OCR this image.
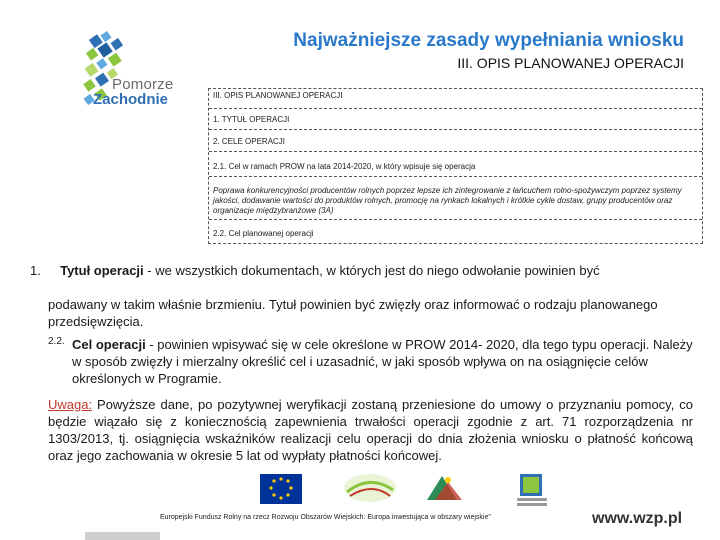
Pomorze
Zachodnie
Najważniejsze zasady wypełniania wniosku
III. OPIS PLANOWANEJ OPERACJI
III. OPIS PLANOWANEJ OPERACJI
1. TYTUŁ OPERACJI
2. CELE OPERACJI
2.1. Cel w ramach PROW na lata 2014-2020, w który wpisuje się operacja
Poprawa konkurencyjności producentów rolnych poprzez lepsze ich zintegrowanie z łańcuchem rolno-spożywczym poprzez systemy jakości, dodawanie wartości do produktów rolnych, promocję na rynkach lokalnych i krótkie cykle dostaw, grupy producentów oraz organizacje międzybranżowe (3A)
2.2. Cel planowanej operacji
1. Tytuł operacji - we wszystkich dokumentach, w których jest do niego odwołanie powinien być
podawany w takim właśnie brzmieniu. Tytuł powinien być zwięzły oraz informować o rodzaju planowanego przedsięwzięcia.
2.2. Cel operacji - powinien wpisywać się w cele określone w PROW 2014- 2020, dla tego typu operacji. Należy w sposób zwięzły i mierzalny określić cel i uzasadnić, w jaki sposób wpływa on na osiągnięcie celów określonych w Programie.
Uwaga: Powyższe dane, po pozytywnej weryfikacji zostaną przeniesione do umowy o przyznaniu pomocy, co będzie wiązało się z koniecznością zapewnienia trwałości operacji zgodnie z art. 71 rozporządzenia nr 1303/2013, tj. osiągnięcia wskaźników realizacji celu operacji do dnia złożenia wniosku o płatność końcową oraz jego zachowania w okresie 5 lat od wypłaty płatności końcowej.
Europejski Fundusz Rolny na rzecz Rozwoju Obszarów Wiejskich: Europa inwestująca w obszary wiejskie"	www.wzp.pl
